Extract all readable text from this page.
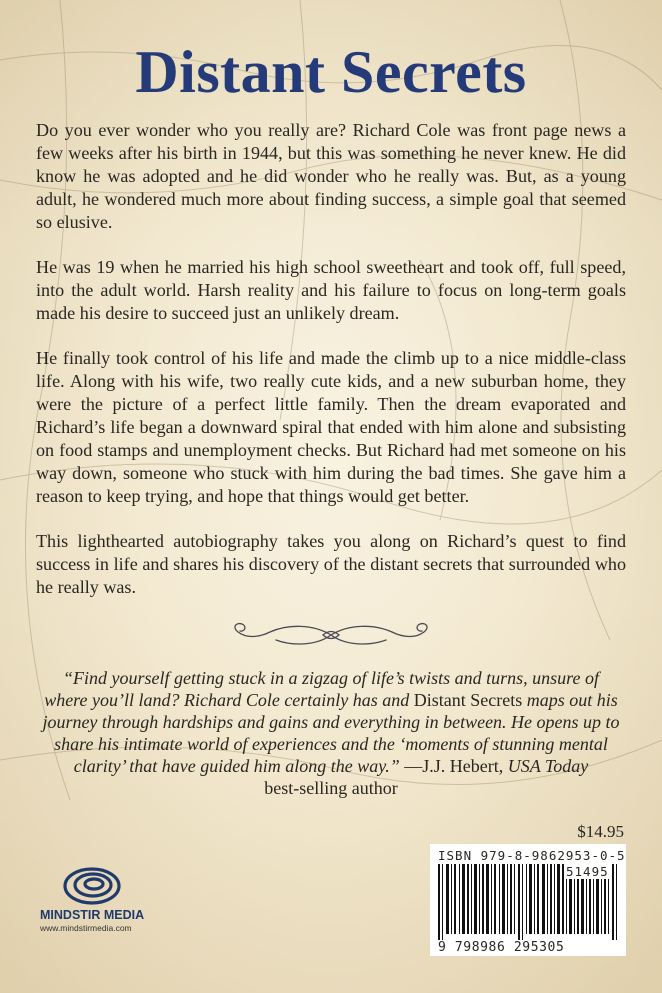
Distant Secrets

Do you ever wonder who you really are? Richard Cole was front page news a few weeks after his birth in 1944, but this was something he never knew. He did know he was adopted and he did wonder who he really was. But, as a young adult, he wondered much more about finding success, a simple goal that seemed so elusive.

He was 19 when he married his high school sweetheart and took off, full speed, into the adult world. Harsh reality and his failure to focus on long-term goals made his desire to succeed just an unlikely dream.

He finally took control of his life and made the climb up to a nice middle-class life. Along with his wife, two really cute kids, and a new suburban home, they were the picture of a perfect little family. Then the dream evaporated and Richard’s life began a downward spiral that ended with him alone and subsisting on food stamps and unemployment checks. But Richard had met someone on his way down, someone who stuck with him during the bad times. She gave him a reason to keep trying, and hope that things would get better.

This lighthearted autobiography takes you along on Richard’s quest to find success in life and shares his discovery of the distant secrets that surrounded who he really was.

“Find yourself getting stuck in a zigzag of life’s twists and turns, unsure of where you’ll land? Richard Cole certainly has and Distant Secrets maps out his journey through hardships and gains and everything in between. He opens up to share his intimate world of experiences and the ‘moments of stunning mental clarity’ that have guided him along the way.” —J.J. Hebert, USA Today
best-selling author
$14.95
ISBN 979-8-9862953-0-5
51495
9 798986 295305
MINDSTIR MEDIA
www.mindstirmedia.com
